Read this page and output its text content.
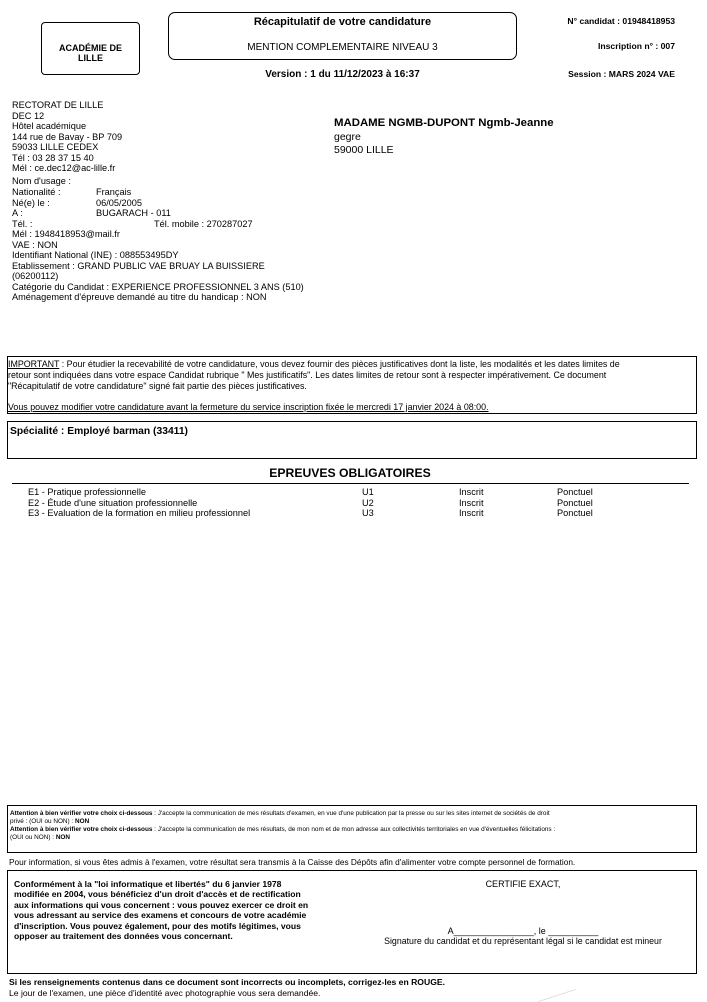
ACADÉMIE DE
LILLE
Récapitulatif de votre candidature
MENTION COMPLEMENTAIRE NIVEAU 3
Version : 1 du 11/12/2023 à 16:37
N° candidat : 01948418953
Inscription n° : 007
Session : MARS 2024 VAE
RECTORAT DE LILLE
DEC 12
Hôtel académique
144 rue de Bavay - BP 709
59033 LILLE CEDEX
Tél : 03 28 37 15 40
Mél : ce.dec12@ac-lille.fr
MADAME NGMB-DUPONT Ngmb-Jeanne
gegre
59000 LILLE
Nom d'usage :
Nationalité :	Français
Né(e) le :	06/05/2005
A :	BUGARACH - 011
Tél. :	Tél. mobile : 270287027
Mél : 1948418953@mail.fr
VAE : NON
Identifiant National (INE) : 088553495DY
Etablissement : GRAND PUBLIC VAE BRUAY LA BUISSIERE
(06200112)
Catégorie du Candidat : EXPERIENCE PROFESSIONNEL 3 ANS (510)
Aménagement d'épreuve demandé au titre du handicap : NON
IMPORTANT : Pour étudier la recevabilité de votre candidature, vous devez fournir des pièces justificatives dont la liste, les modalités et les dates limites de
retour sont indiquées dans votre espace Candidat rubrique " Mes justificatifs". Les dates limites de retour sont à respecter impérativement. Ce document
"Récapitulatif de votre candidature" signé fait partie des pièces justificatives.
Vous pouvez modifier votre candidature avant la fermeture du service inscription fixée le mercredi 17 janvier 2024 à 08:00.
Spécialité : Employé barman (33411)
EPREUVES OBLIGATOIRES
E1 - Pratique professionnelle	U1	Inscrit	Ponctuel
E2 - Étude d'une situation professionnelle	U2	Inscrit	Ponctuel
E3 - Evaluation de la formation en milieu professionnel	U3	Inscrit	Ponctuel
Attention à bien vérifier votre choix ci-dessous : J'accepte la communication de mes résultats d'examen, en vue d'une publication par la presse ou sur les sites internet de sociétés de droit
privé : (OUI ou NON) : NON
Attention à bien vérifier votre choix ci-dessous : J'accepte la communication de mes résultats, de mon nom et de mon adresse aux collectivités territoriales en vue d'éventuelles félicitations :
(OUI ou NON) : NON
Pour information, si vous êtes admis à l'examen, votre résultat sera transmis à la Caisse des Dépôts afin d'alimenter votre compte personnel de formation.
Conformément à la "loi informatique et libertés" du 6 janvier 1978
modifiée en 2004, vous bénéficiez d'un droit d'accès et de rectification
aux informations qui vous concernent : vous pouvez exercer ce droit en
vous adressant au service des examens et concours de votre académie
d'inscription. Vous pouvez également, pour des motifs légitimes, vous
opposer au traitement des données vous concernant.
CERTIFIE EXACT,
A________________, le __________
Signature du candidat et du représentant légal si le candidat est mineur
Si les renseignements contenus dans ce document sont incorrects ou incomplets, corrigez-les en ROUGE.
Le jour de l'examen, une pièce d'identité avec photographie vous sera demandée.
